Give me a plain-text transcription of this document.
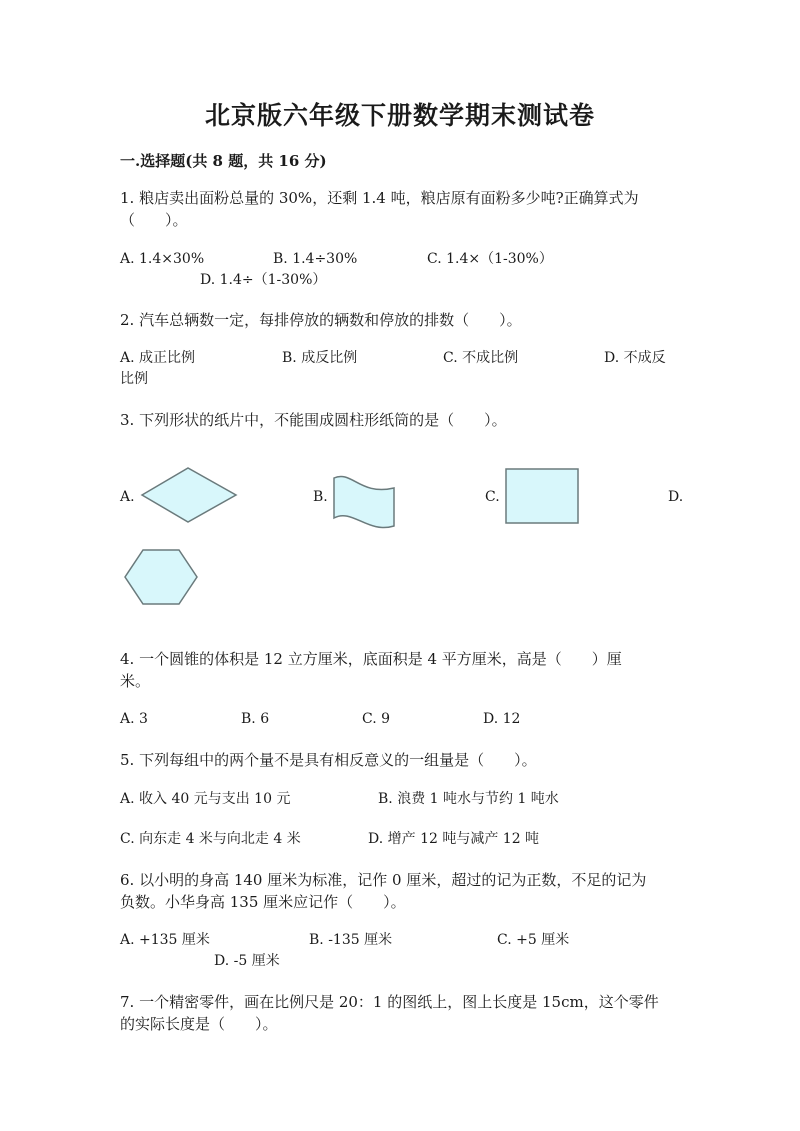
北京版六年级下册数学期末测试卷
一.选择题(共 8 题，共 16 分)
1. 粮店卖出面粉总量的 30%，还剩 1.4 吨，粮店原有面粉多少吨?正确算式为
（　　）。
A. 1.4×30%	B. 1.4÷30%	C. 1.4×（1-30%）
D. 1.4÷（1-30%）
2. 汽车总辆数一定，每排停放的辆数和停放的排数（　　）。
A. 成正比例	B. 成反比例	C. 不成比例	D. 不成反
比例
3. 下列形状的纸片中，不能围成圆柱形纸筒的是（　　）。
A.	B.	C.	D.
4. 一个圆锥的体积是 12 立方厘米，底面积是 4 平方厘米，高是（　　）厘
米。
A. 3	B. 6	C. 9	D. 12
5. 下列每组中的两个量不是具有相反意义的一组量是（　　）。
A. 收入 40 元与支出 10 元	B. 浪费 1 吨水与节约 1 吨水
C. 向东走 4 米与向北走 4 米	D. 增产 12 吨与减产 12 吨
6. 以小明的身高 140 厘米为标准，记作 0 厘米，超过的记为正数，不足的记为
负数。小华身高 135 厘米应记作（　　）。
A. +135 厘米	B. -135 厘米	C. +5 厘米
D. -5 厘米
7. 一个精密零件，画在比例尺是 20：1 的图纸上，图上长度是 15cm，这个零件
的实际长度是（　　）。
